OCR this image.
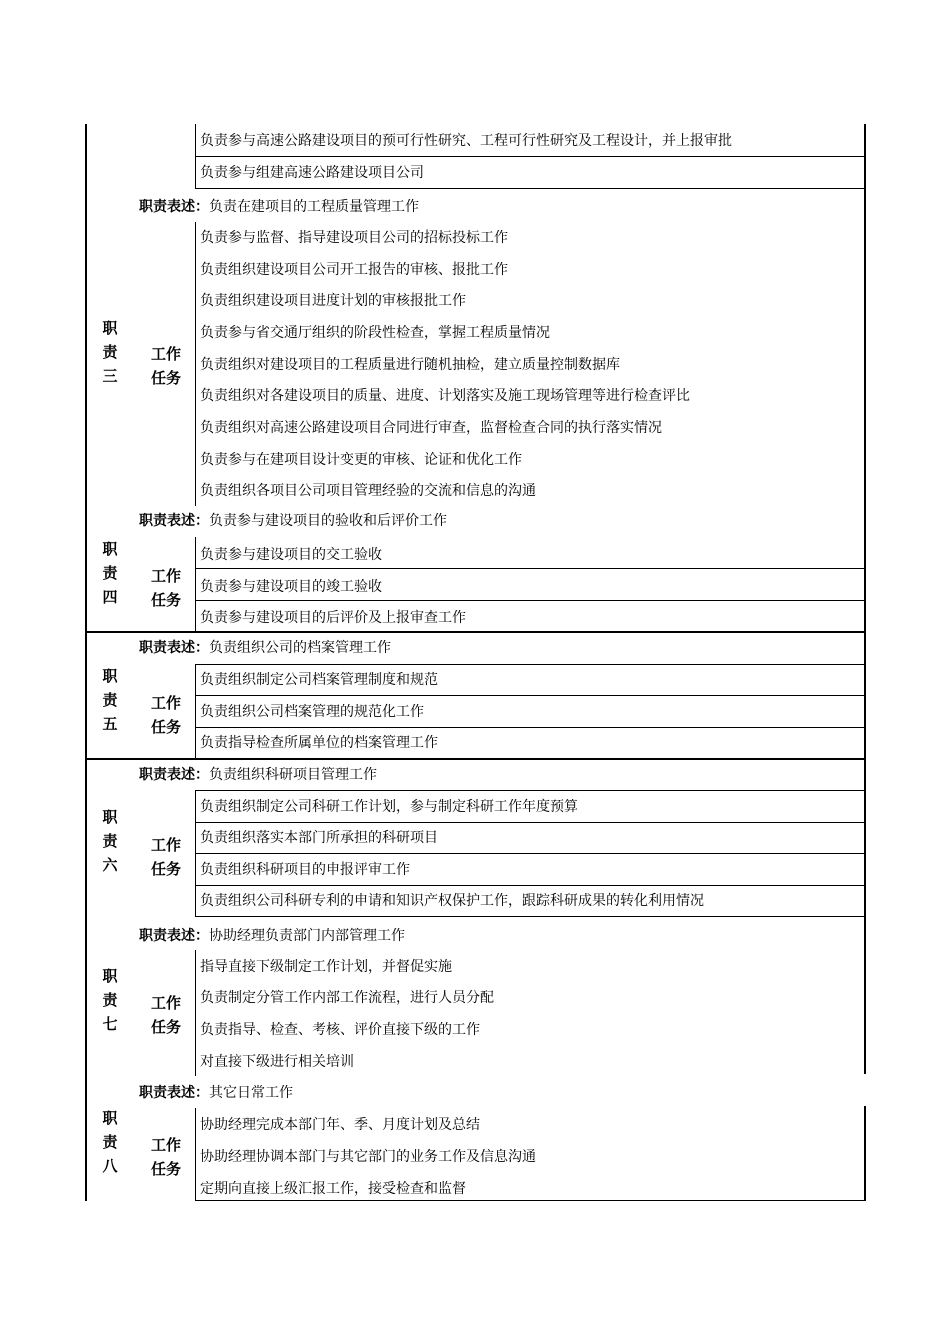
负责参与高速公路建设项目的预可行性研究、工程可行性研究及工程设计，并上报审批
负责参与组建高速公路建设项目公司
职责表述：负责在建项目的工程质量管理工作
职
责
三
工作
任务
负责参与监督、指导建设项目公司的招标投标工作
负责组织建设项目公司开工报告的审核、报批工作
负责组织建设项目进度计划的审核报批工作
负责参与省交通厅组织的阶段性检查，掌握工程质量情况
负责组织对建设项目的工程质量进行随机抽检，建立质量控制数据库
负责组织对各建设项目的质量、进度、计划落实及施工现场管理等进行检查评比
负责组织对高速公路建设项目合同进行审查，监督检查合同的执行落实情况
负责参与在建项目设计变更的审核、论证和优化工作
负责组织各项目公司项目管理经验的交流和信息的沟通
职责表述：负责参与建设项目的验收和后评价工作
职
责
四
工作
任务
负责参与建设项目的交工验收
负责参与建设项目的竣工验收
负责参与建设项目的后评价及上报审查工作
职责表述：负责组织公司的档案管理工作
职
责
五
工作
任务
负责组织制定公司档案管理制度和规范
负责组织公司档案管理的规范化工作
负责指导检查所属单位的档案管理工作
职责表述：负责组织科研项目管理工作
职
责
六
工作
任务
负责组织制定公司科研工作计划，参与制定科研工作年度预算
负责组织落实本部门所承担的科研项目
负责组织科研项目的申报评审工作
负责组织公司科研专利的申请和知识产权保护工作，跟踪科研成果的转化利用情况
职责表述：协助经理负责部门内部管理工作
职
责
七
工作
任务
指导直接下级制定工作计划，并督促实施
负责制定分管工作内部工作流程，进行人员分配
负责指导、检查、考核、评价直接下级的工作
对直接下级进行相关培训
职责表述：其它日常工作
职
责
八
工作
任务
协助经理完成本部门年、季、月度计划及总结
协助经理协调本部门与其它部门的业务工作及信息沟通
定期向直接上级汇报工作，接受检查和监督
